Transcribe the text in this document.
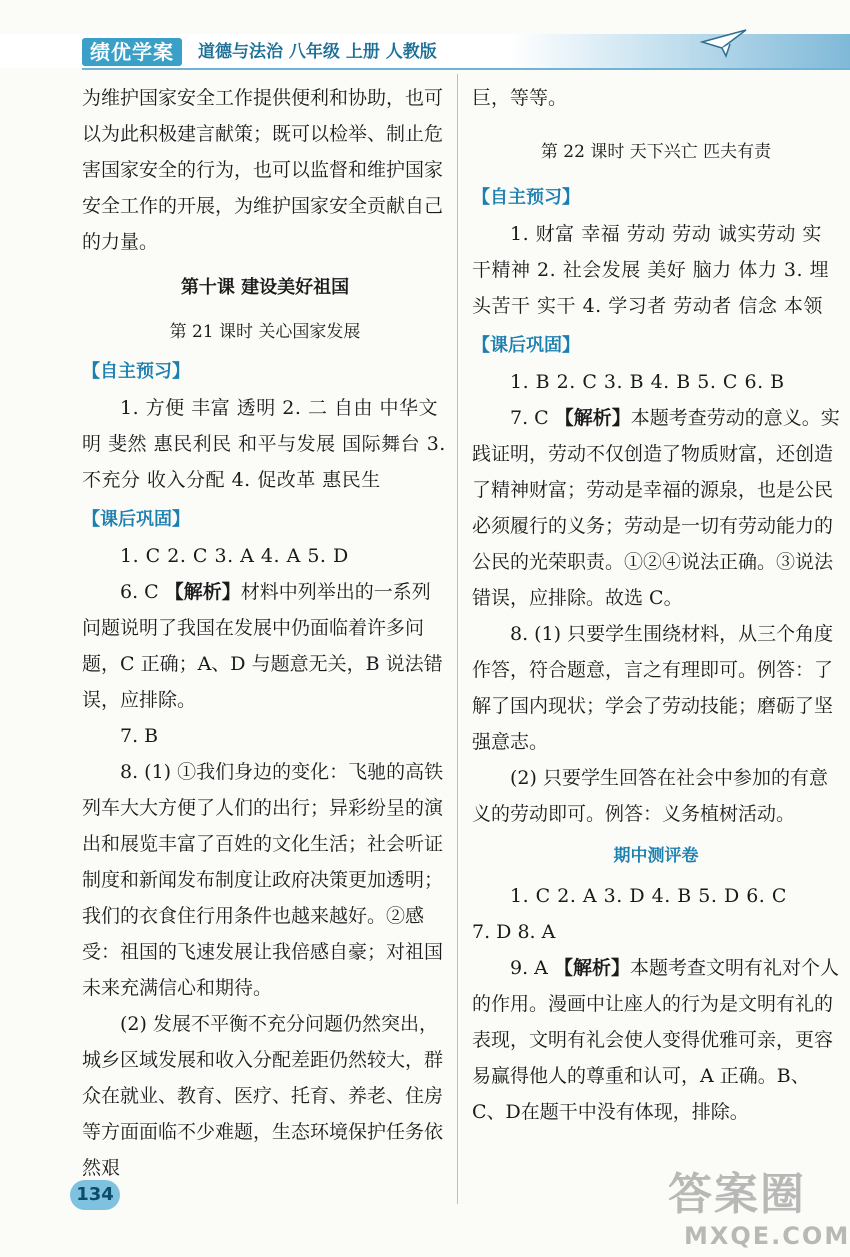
绩优学案	道德与法治 八年级 上册 人教版

为维护国家安全工作提供便利和协助，也可以为此积极建言献策；既可以检举、制止危害国家安全的行为，也可以监督和维护国家安全工作的开展，为维护国家安全贡献自己的力量。

第十课 建设美好祖国

第 21 课时 关心国家发展

【自主预习】

1. 方便 丰富 透明 2. 二 自由 中华文明 斐然 惠民利民 和平与发展 国际舞台 3. 不充分 收入分配 4. 促改革 惠民生

【课后巩固】

1. C 2. C 3. A 4. A 5. D

6. C 【解析】材料中列举出的一系列问题说明了我国在发展中仍面临着许多问题，C 正确；A、D 与题意无关，B 说法错误，应排除。

7. B

8. (1) ①我们身边的变化：飞驰的高铁列车大大方便了人们的出行；异彩纷呈的演出和展览丰富了百姓的文化生活；社会听证制度和新闻发布制度让政府决策更加透明；我们的衣食住行用条件也越来越好。②感受：祖国的飞速发展让我倍感自豪；对祖国未来充满信心和期待。

(2) 发展不平衡不充分问题仍然突出，城乡区域发展和收入分配差距仍然较大，群众在就业、教育、医疗、托育、养老、住房等方面面临不少难题，生态环境保护任务依然艰

巨，等等。

第 22 课时 天下兴亡 匹夫有责

【自主预习】

1. 财富 幸福 劳动 劳动 诚实劳动 实干精神 2. 社会发展 美好 脑力 体力 3. 埋头苦干 实干 4. 学习者 劳动者 信念 本领

【课后巩固】

1. B 2. C 3. B 4. B 5. C 6. B

7. C 【解析】本题考查劳动的意义。实践证明，劳动不仅创造了物质财富，还创造了精神财富；劳动是幸福的源泉，也是公民必须履行的义务；劳动是一切有劳动能力的公民的光荣职责。①②④说法正确。③说法错误，应排除。故选 C。

8. (1) 只要学生围绕材料，从三个角度作答，符合题意，言之有理即可。例答：了解了国内现状；学会了劳动技能；磨砺了坚强意志。

(2) 只要学生回答在社会中参加的有意义的劳动即可。例答：义务植树活动。

期中测评卷

1. C 2. A 3. D 4. B 5. D 6. C

7. D 8. A

9. A 【解析】本题考查文明有礼对个人的作用。漫画中让座人的行为是文明有礼的表现，文明有礼会使人变得优雅可亲，更容易赢得他人的尊重和认可，A 正确。B、C、D在题干中没有体现，排除。

134	答案圈
MXQE.COM
